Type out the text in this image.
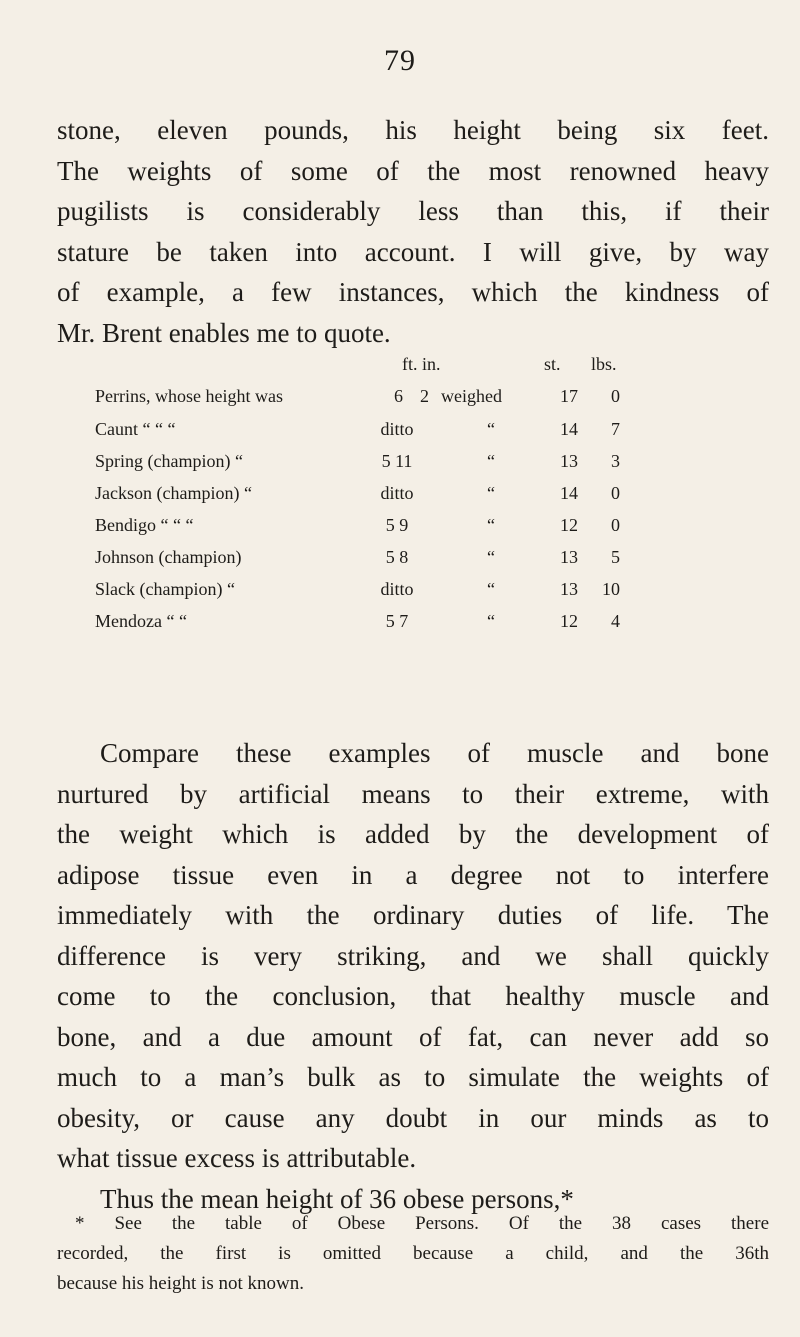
79
stone, eleven pounds, his height being six feet.
The weights of some of the most renowned heavy
pugilists is considerably less than this, if their
stature be taken into account. I will give, by way
of example, a few instances, which the kindness of
Mr. Brent enables me to quote.
ft. in.	st. lbs.
Perrins, whose height was	6 2 weighed	17	0
Caunt “ “ “	ditto	“	14	7
Spring (champion) “	5 11	“	13	3
Jackson (champion) “	ditto	“	14	0
Bendigo “ “ “	5 9	“	12	0
Johnson (champion)	5 8	“	13	5
Slack (champion) “	ditto	“	13	10
Mendoza “ “	5 7	“	12	4
Compare these examples of muscle and bone
nurtured by artificial means to their extreme, with
the weight which is added by the development of
adipose tissue even in a degree not to interfere
immediately with the ordinary duties of life. The
difference is very striking, and we shall quickly
come to the conclusion, that healthy muscle and
bone, and a due amount of fat, can never add so
much to a man’s bulk as to simulate the weights of
obesity, or cause any doubt in our minds as to
what tissue excess is attributable.
Thus the mean height of 36 obese persons,*
* See the table of Obese Persons. Of the 38 cases there
recorded, the first is omitted because a child, and the 36th
because his height is not known.
